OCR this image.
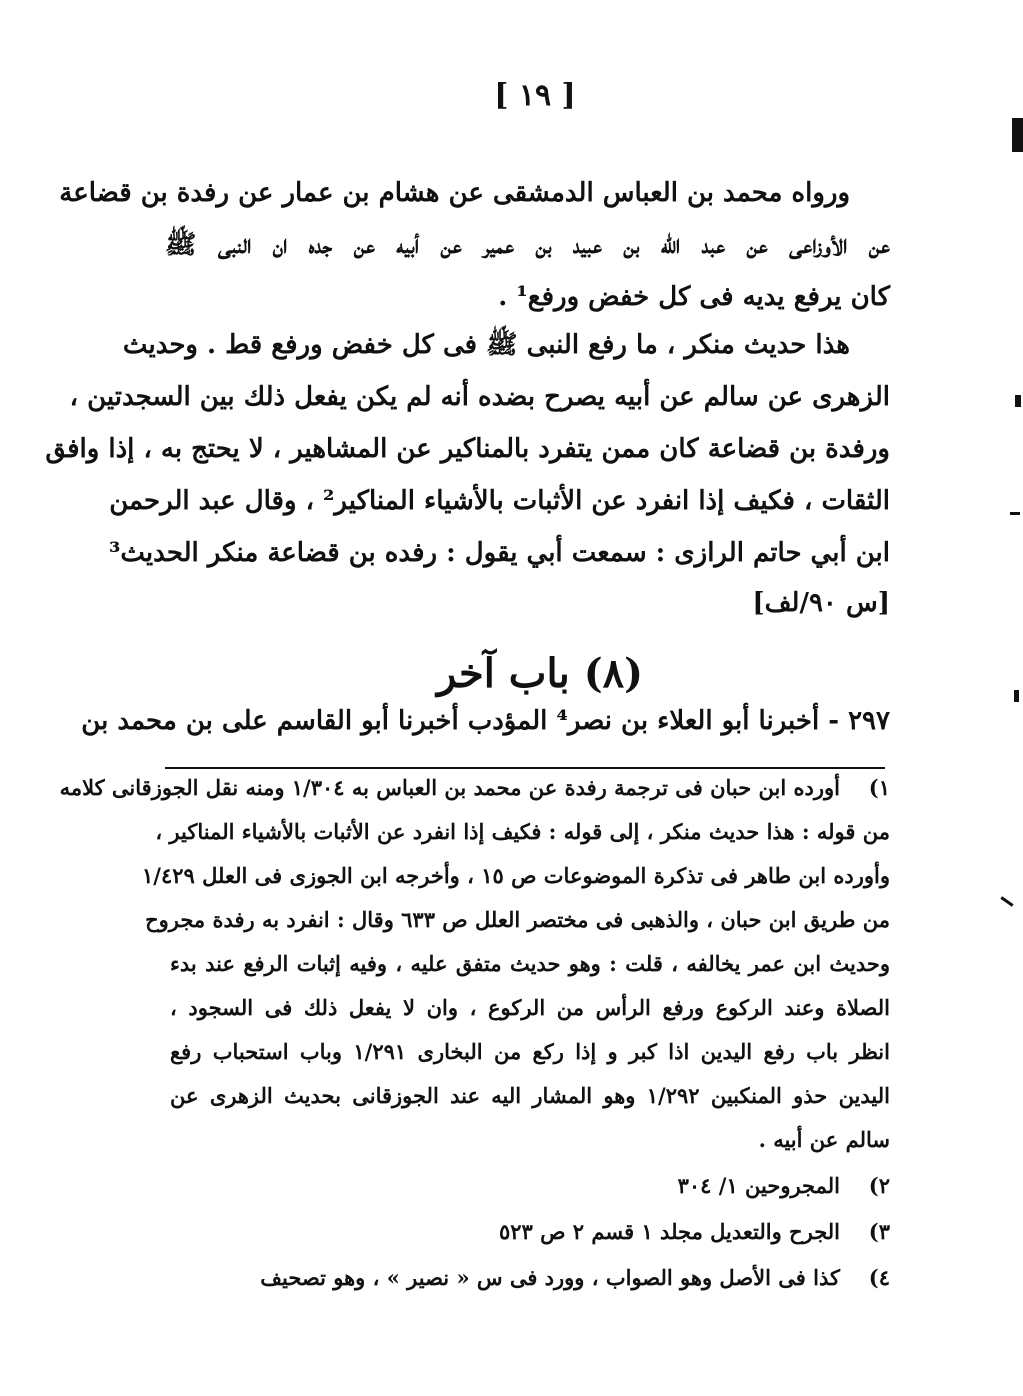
[ ١٩ ]
ورواه محمد بن العباس الدمشقى عن هشام بن عمار عن رفدة بن قضاعة
عن الأوزاعى عن عبد الله بن عبيد بن عمير عن أبيه عن جده ان النبى ﷺ
كان يرفع يديه فى كل خفض ورفع¹ .
هذا حديث منكر ، ما رفع النبى ﷺ فى كل خفض ورفع قط . وحديث
الزهرى عن سالم عن أبيه يصرح بضده أنه لم يكن يفعل ذلك بين السجدتين ،
ورفدة بن قضاعة كان ممن يتفرد بالمناكير عن المشاهير ، لا يحتج به ، إذا وافق
الثقات ، فكيف إذا انفرد عن الأثبات بالأشياء المناكير² ، وقال عبد الرحمن
ابن أبي حاتم الرازى : سمعت أبي يقول : رفده بن قضاعة منكر الحديث³
[س ٩٠/لف]
(٨) باب آخر
٢٩٧ - أخبرنا أبو العلاء بن نصر⁴ المؤدب أخبرنا أبو القاسم على بن محمد بن
١)
أورده ابن حبان فى ترجمة رفدة عن محمد بن العباس به ١/٣٠٤ ومنه نقل الجوزقانى كلامه
من قوله : هذا حديث منكر ، إلى قوله : فكيف إذا انفرد عن الأثبات بالأشياء المناكير ،
وأورده ابن طاهر فى تذكرة الموضوعات ص ١٥ ، وأخرجه ابن الجوزى فى العلل ١/٤٢٩
من طريق ابن حبان ، والذهبى فى مختصر العلل ص ٦٣٣ وقال : انفرد به رفدة مجروح
وحديث ابن عمر يخالفه ، قلت : وهو حديث متفق عليه ، وفيه إثبات الرفع عند بدء
الصلاة وعند الركوع ورفع الرأس من الركوع ، وان لا يفعل ذلك فى السجود ،
انظر باب رفع اليدين اذا كبر و إذا ركع من البخارى ١/٢٩١ وباب استحباب رفع
اليدين حذو المنكبين ١/٢٩٢ وهو المشار اليه عند الجوزقانى بحديث الزهرى عن
سالم عن أبيه .
٢)
المجروحين ١/ ٣٠٤
٣)
الجرح والتعديل مجلد ١ قسم ٢ ص ٥٢٣
٤)
كذا فى الأصل وهو الصواب ، وورد فى س « نصير » ، وهو تصحيف
